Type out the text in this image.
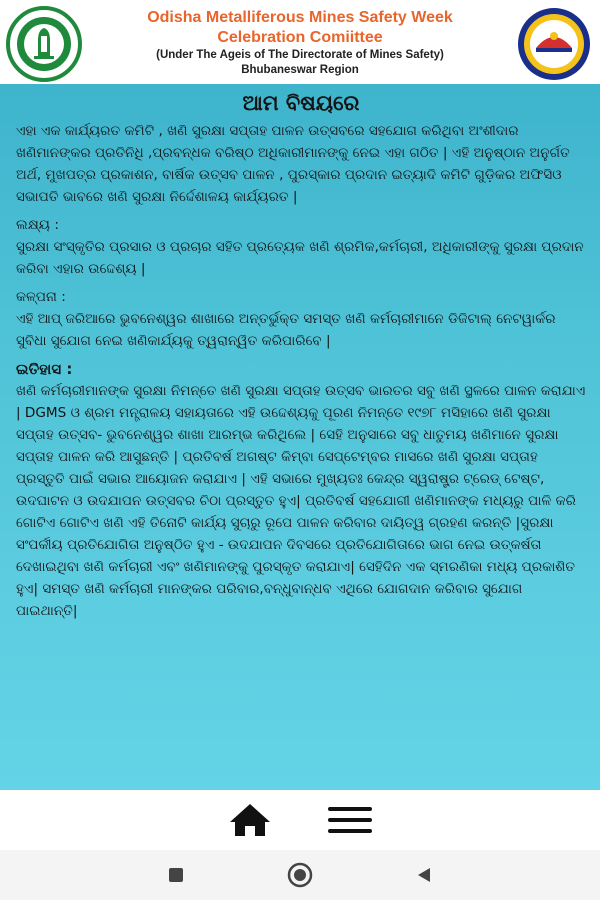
Odisha Metalliferous Mines Safety Week
Celebration Comiittee
(Under The Ageis of The Directorate of Mines Safety)
Bhubaneswar Region
ଆମ ବିଷୟରେ

ଏହା ଏକ କାର୍ଯ୍ୟରତ କମିଟି , ଖଣି ସୁରକ୍ଷା ସପ୍ତାହ ପାଳନ ଉତ୍ସବରେ ସହଯୋଗ କରିଥିବା ଅଂଶୀଦାର ଖଣିମାନଙ୍କର ପ୍ରତିନିଧି ,ପ୍ରବନ୍ଧକ ବରିଷ୍ଠ ଅଧିକାରୀମାନଙ୍କୁ ନେଇ ଏହା ଗଠିତ | ଏହି ଅନୁଷ୍ଠାନ ଅନୁର୍ଗତ ଅର୍ଥ, ମୁଖପତ୍ର ପ୍ରକାଶନ, ବାର୍ଷିକ ଉତ୍ସବ ପାଳନ , ପୁରସ୍କାର ପ୍ରଦାନ ଇତ୍ୟାଦି କମିଟି ଗୁଡ଼ିକର ଅଫିସିଓ ସଭାପତି ଭାବରେ ଖଣି ସୁରକ୍ଷା ନିର୍ଦ୍ଦେଶାଳୟ କାର୍ଯ୍ୟରତ |

ଲକ୍ଷ୍ୟ :

ସୁରକ୍ଷା ସଂସ୍କୃତିର ପ୍ରସାର ଓ ପ୍ରଚାର ସହିତ ପ୍ରତ୍ୟେକ ଖଣି ଶ୍ରମିକ,କର୍ମଚାରୀ, ଅଧିକାରୀଙ୍କୁ ସୁରକ୍ଷା ପ୍ରଦାନ କରିବା ଏହାର ଉଦ୍ଦେଶ୍ୟ |

କଳ୍ପନା :

ଏହି ଆପ୍ ଜରିଆରେ ଭୁବନେଶ୍ୱର ଶାଖାରେ ଅନ୍ତର୍ଭୁକ୍ତ ସମସ୍ତ ଖଣି କର୍ମଚାରୀମାନେ ଡିଜିଟାଲ୍ ନେଟୱାର୍କର ସୁବିଧା ସୁଯୋଗ ନେଇ ଖଣିକାର୍ଯ୍ୟକୁ ତ୍ୱରାନ୍ୱିତ କରିପାରିବେ |

ଇତିହାସ :

ଖଣି କର୍ମଚାରୀମାନଙ୍କ ସୁରକ୍ଷା ନିମନ୍ତେ ଖଣି ସୁରକ୍ଷା ସପ୍ତାହ ଉତ୍ସବ ଭାରତର ସବୁ ଖଣି ସ୍ଥଳରେ ପାଳନ କରାଯାଏ | DGMS ଓ ଶ୍ରମ ମନ୍ତ୍ରାଳୟ ସହାୟତାରେ ଏହି ଉଦ୍ଦେଶ୍ୟକୁ ପୂରଣ ନିମନ୍ତେ ୧୯୭୮ ମସିହାରେ ଖଣି ସୁରକ୍ଷା ସପ୍ତାହ ଉତ୍ସବ- ଭୁବନେଶ୍ୱର ଶାଖା ଆରମ୍ଭ କରିଥିଲେ | ସେହି ଅନୁସାରେ ସବୁ ଧାତୁମୟ ଖଣିମାନେ ସୁରକ୍ଷା ସପ୍ତାହ ପାଳନ କରି ଆସୁଛନ୍ତି | ପ୍ରତିବର୍ଷ ଅଗଷ୍ଟ କିମ୍ବା ସେପ୍ଟେମ୍ବର ମାସରେ ଖଣି ସୁରକ୍ଷା ସପ୍ତାହ ପ୍ରସ୍ତୁତି ପାଇଁ ସଭାର ଆୟୋଜନ କରାଯାଏ | ଏହି ସଭାରେ ମୁଖ୍ୟତଃ କେନ୍ଦ୍ର ସ୍ୱରାଷ୍ଟ୍ର ଟ୍ରେଡ୍ ଟେଷ୍ଟ, ଉଦଘାଟନ ଓ ଉଦଯାପନ ଉତ୍ସବର ଚିଠା ପ୍ରସ୍ତୁତ ହୁଏ| ପ୍ରତିବର୍ଷ ସହଯୋଗୀ ଖଣିମାନଙ୍କ ମଧ୍ୟରୁ ପାଳି କରି ଗୋଟିଏ ଗୋଟିଏ ଖଣି ଏହି ତିନୋଟି କାର୍ଯ୍ୟ ସୁଚାରୁ ରୂପେ ପାଳନ କରିବାର ଦାୟିତ୍ୱ ଗ୍ରହଣ କରନ୍ତି |ସୁରକ୍ଷା ସଂପର୍କୀୟ ପ୍ରତିଯୋଗିତା ଅନୁଷ୍ଠିତ ହୁଏ - ଉଦଯାପନ ଦିବସରେ ପ୍ରତିଯୋଗିତାରେ ଭାଗ ନେଇ ଉତ୍କର୍ଷତା ଦେଖାଇଥିବା ଖଣି କର୍ମଚାରୀ ଏବଂ ଖଣିମାନଙ୍କୁ ପୁରସ୍କୃତ କରାଯାଏ| ସେହିଦିନ ଏକ ସ୍ମରଣିକା ମଧ୍ୟ ପ୍ରକାଶିତ ହୁଏ| ସମସ୍ତ ଖଣି କର୍ମଚାରୀ ମାନଙ୍କର ପରିବାର,ବନ୍ଧୁବାନ୍ଧବ ଏଥିରେ ଯୋଗଦାନ କରିବାର ସୁଯୋଗ ପାଇଥାନ୍ତି|
